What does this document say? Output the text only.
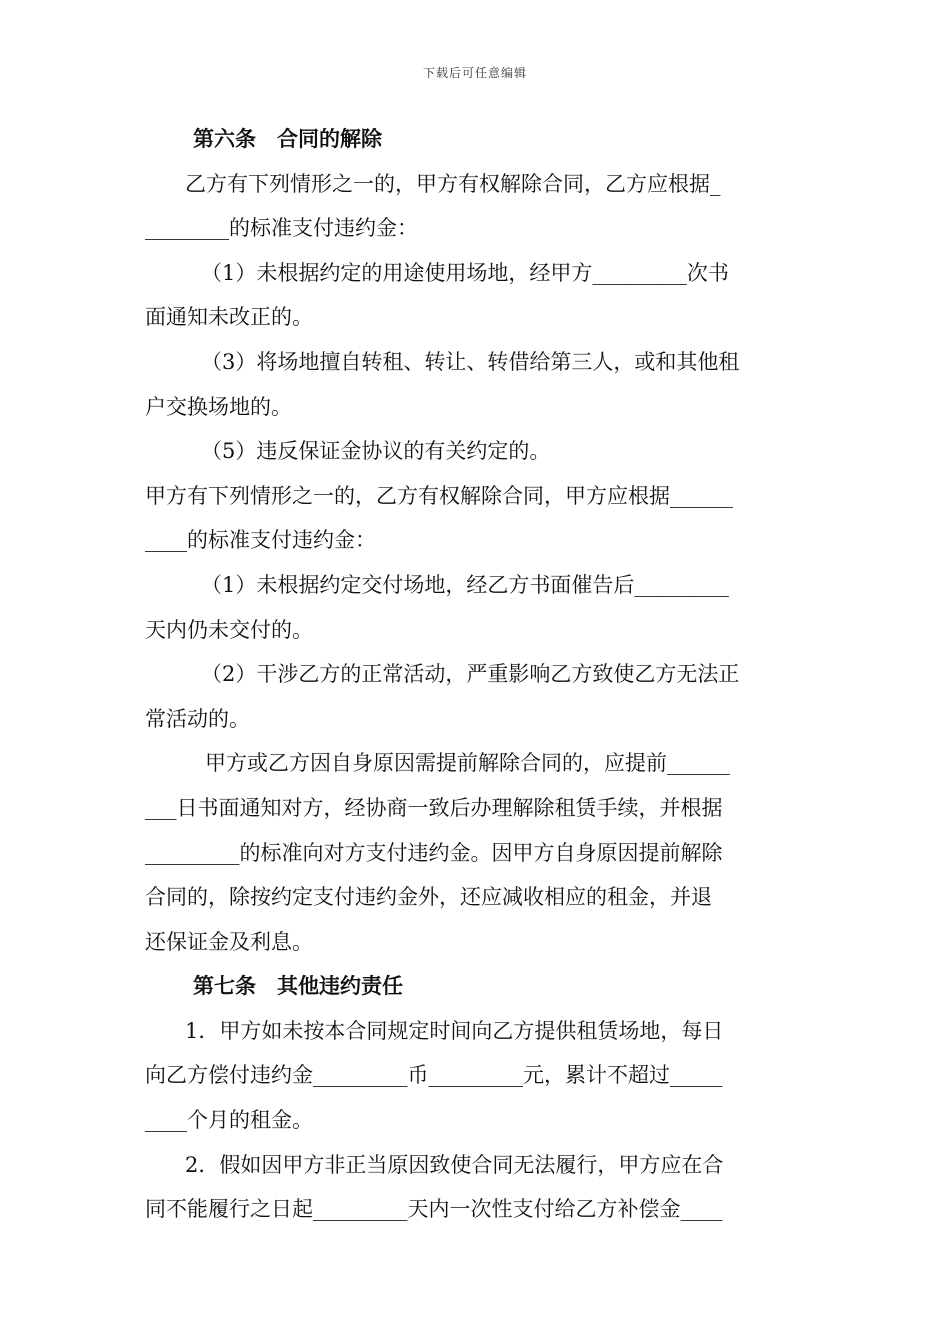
下载后可任意编辑

第六条　合同的解除

乙方有下列情形之一的，甲方有权解除合同，乙方应根据_

________的标准支付违约金：

（1）未根据约定的用途使用场地，经甲方_________次书

面通知未改正的。

（3）将场地擅自转租、转让、转借给第三人，或和其他租

户交换场地的。

（5）违反保证金协议的有关约定的。

甲方有下列情形之一的，乙方有权解除合同，甲方应根据______

____的标准支付违约金：

（1）未根据约定交付场地，经乙方书面催告后_________

天内仍未交付的。

（2）干涉乙方的正常活动，严重影响乙方致使乙方无法正

常活动的。

甲方或乙方因自身原因需提前解除合同的，应提前______

___日书面通知对方，经协商一致后办理解除租赁手续，并根据

_________的标准向对方支付违约金。因甲方自身原因提前解除

合同的，除按约定支付违约金外，还应减收相应的租金，并退

还保证金及利息。

第七条　其他违约责任

1．甲方如未按本合同规定时间向乙方提供租赁场地，每日

向乙方偿付违约金_________币_________元，累计不超过_____

____个月的租金。

2．假如因甲方非正当原因致使合同无法履行，甲方应在合

同不能履行之日起_________天内一次性支付给乙方补偿金____
